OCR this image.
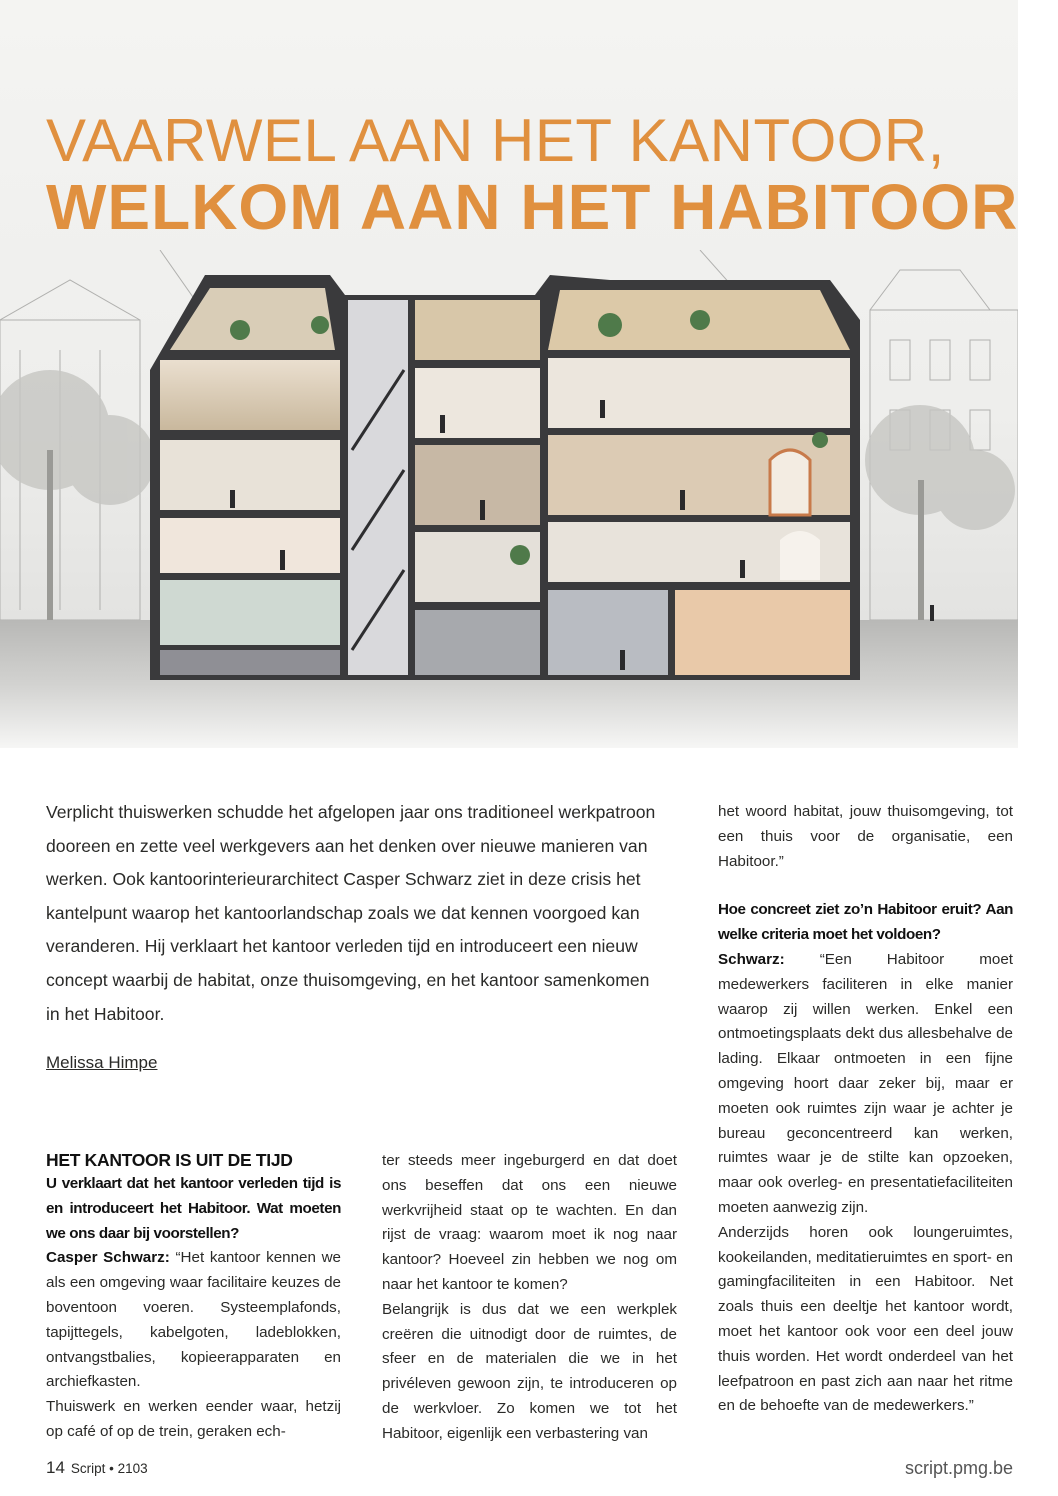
VAARWEL AAN HET KANTOOR,
WELKOM AAN HET HABITOOR

Verplicht thuiswerken schudde het afgelopen jaar ons traditioneel werkpatroon dooreen en zette veel werkgevers aan het denken over nieuwe manieren van werken. Ook kantoorinterieurarchitect Casper Schwarz ziet in deze crisis het kantelpunt waarop het kantoorlandschap zoals we dat kennen voorgoed kan veranderen. Hij verklaart het kantoor verleden tijd en introduceert een nieuw concept waarbij de habitat, onze thuisomgeving, en het kantoor samenkomen in het Habitoor.

Melissa Himpe

HET KANTOOR IS UIT DE TIJD

U verklaart dat het kantoor verleden tijd is en introduceert het Habitoor. Wat moeten we ons daar bij voorstellen?

Casper Schwarz: “Het kantoor kennen we als een omgeving waar facilitaire keuzes de boventoon voeren. Systeemplafonds, tapijttegels, kabelgoten, ladeblokken, ontvangstbalies, kopieerapparaten en archiefkasten.

Thuiswerk en werken eender waar, hetzij op café of op de trein, geraken ech-

ter steeds meer ingeburgerd en dat doet ons beseffen dat ons een nieuwe werkvrijheid staat op te wachten. En dan rijst de vraag: waarom moet ik nog naar kantoor? Hoeveel zin hebben we nog om naar het kantoor te komen?

Belangrijk is dus dat we een werkplek creëren die uitnodigt door de ruimtes, de sfeer en de materialen die we in het privéleven gewoon zijn, te introduceren op de werkvloer. Zo komen we tot het Habitoor, eigenlijk een verbastering van

het woord habitat, jouw thuisomgeving, tot een thuis voor de organisatie, een Habitoor.”

Hoe concreet ziet zo’n Habitoor eruit? Aan welke criteria moet het voldoen?

Schwarz: “Een Habitoor moet medewerkers faciliteren in elke manier waarop zij willen werken. Enkel een ontmoetingsplaats dekt dus allesbehalve de lading. Elkaar ontmoeten in een fijne omgeving hoort daar zeker bij, maar er moeten ook ruimtes zijn waar je achter je bureau geconcentreerd kan werken, ruimtes waar je de stilte kan opzoeken, maar ook overleg- en presentatiefaciliteiten moeten aanwezig zijn.

Anderzijds horen ook loungeruimtes, kookeilanden, meditatieruimtes en sport- en gamingfaciliteiten in een Habitoor. Net zoals thuis een deeltje het kantoor wordt, moet het kantoor ook voor een deel jouw thuis worden. Het wordt onderdeel van het leefpatroon en past zich aan naar het ritme en de behoefte van de medewerkers.”

14 Script • 2103	script.pmg.be
